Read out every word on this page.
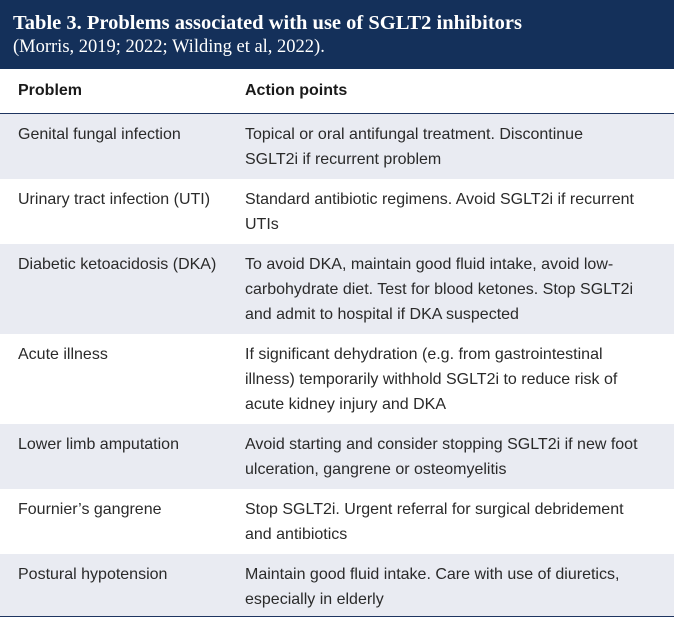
Table 3. Problems associated with use of SGLT2 inhibitors
(Morris, 2019; 2022; Wilding et al, 2022).
Problem	Action points
Genital fungal infection	Topical or oral antifungal treatment. Discontinue
SGLT2i if recurrent problem
Urinary tract infection (UTI)	Standard antibiotic regimens. Avoid SGLT2i if recurrent
UTIs
Diabetic ketoacidosis (DKA)	To avoid DKA, maintain good fluid intake, avoid low-
carbohydrate diet. Test for blood ketones. Stop SGLT2i
and admit to hospital if DKA suspected
Acute illness	If significant dehydration (e.g. from gastrointestinal
illness) temporarily withhold SGLT2i to reduce risk of
acute kidney injury and DKA
Lower limb amputation	Avoid starting and consider stopping SGLT2i if new foot
ulceration, gangrene or osteomyelitis
Fournier’s gangrene	Stop SGLT2i. Urgent referral for surgical debridement
and antibiotics
Postural hypotension	Maintain good fluid intake. Care with use of diuretics,
especially in elderly
